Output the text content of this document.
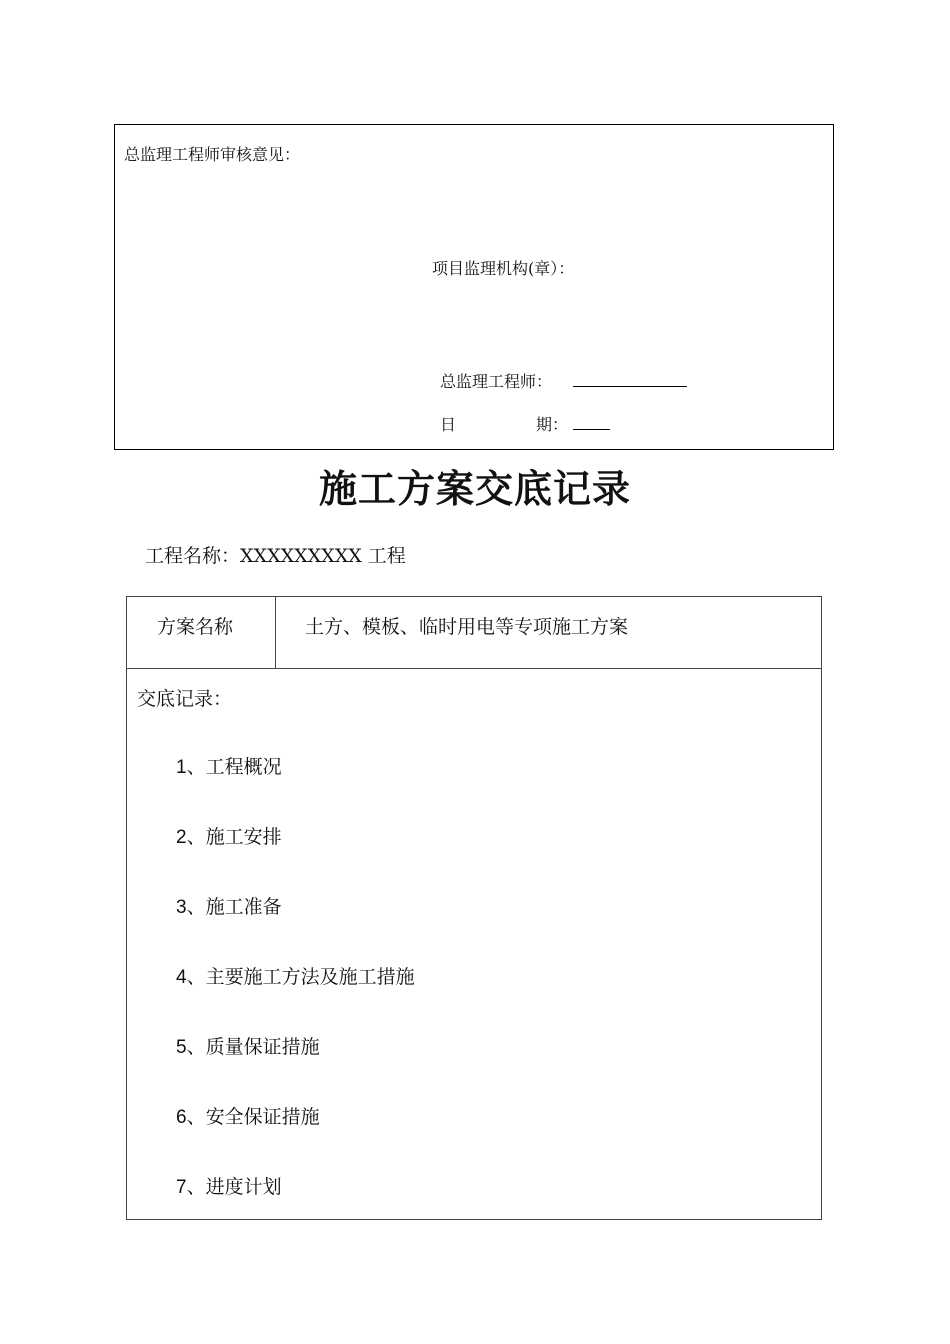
总监理工程师审核意见：
项目监理机构(章）：
总监理工程师：
日	期：
施工方案交底记录
工程名称：XXXXXXXXX 工程
方案名称	土方、模板、临时用电等专项施工方案
交底记录：
1、工程概况
2、施工安排
3、施工准备
4、主要施工方法及施工措施
5、质量保证措施
6、安全保证措施
7、进度计划
